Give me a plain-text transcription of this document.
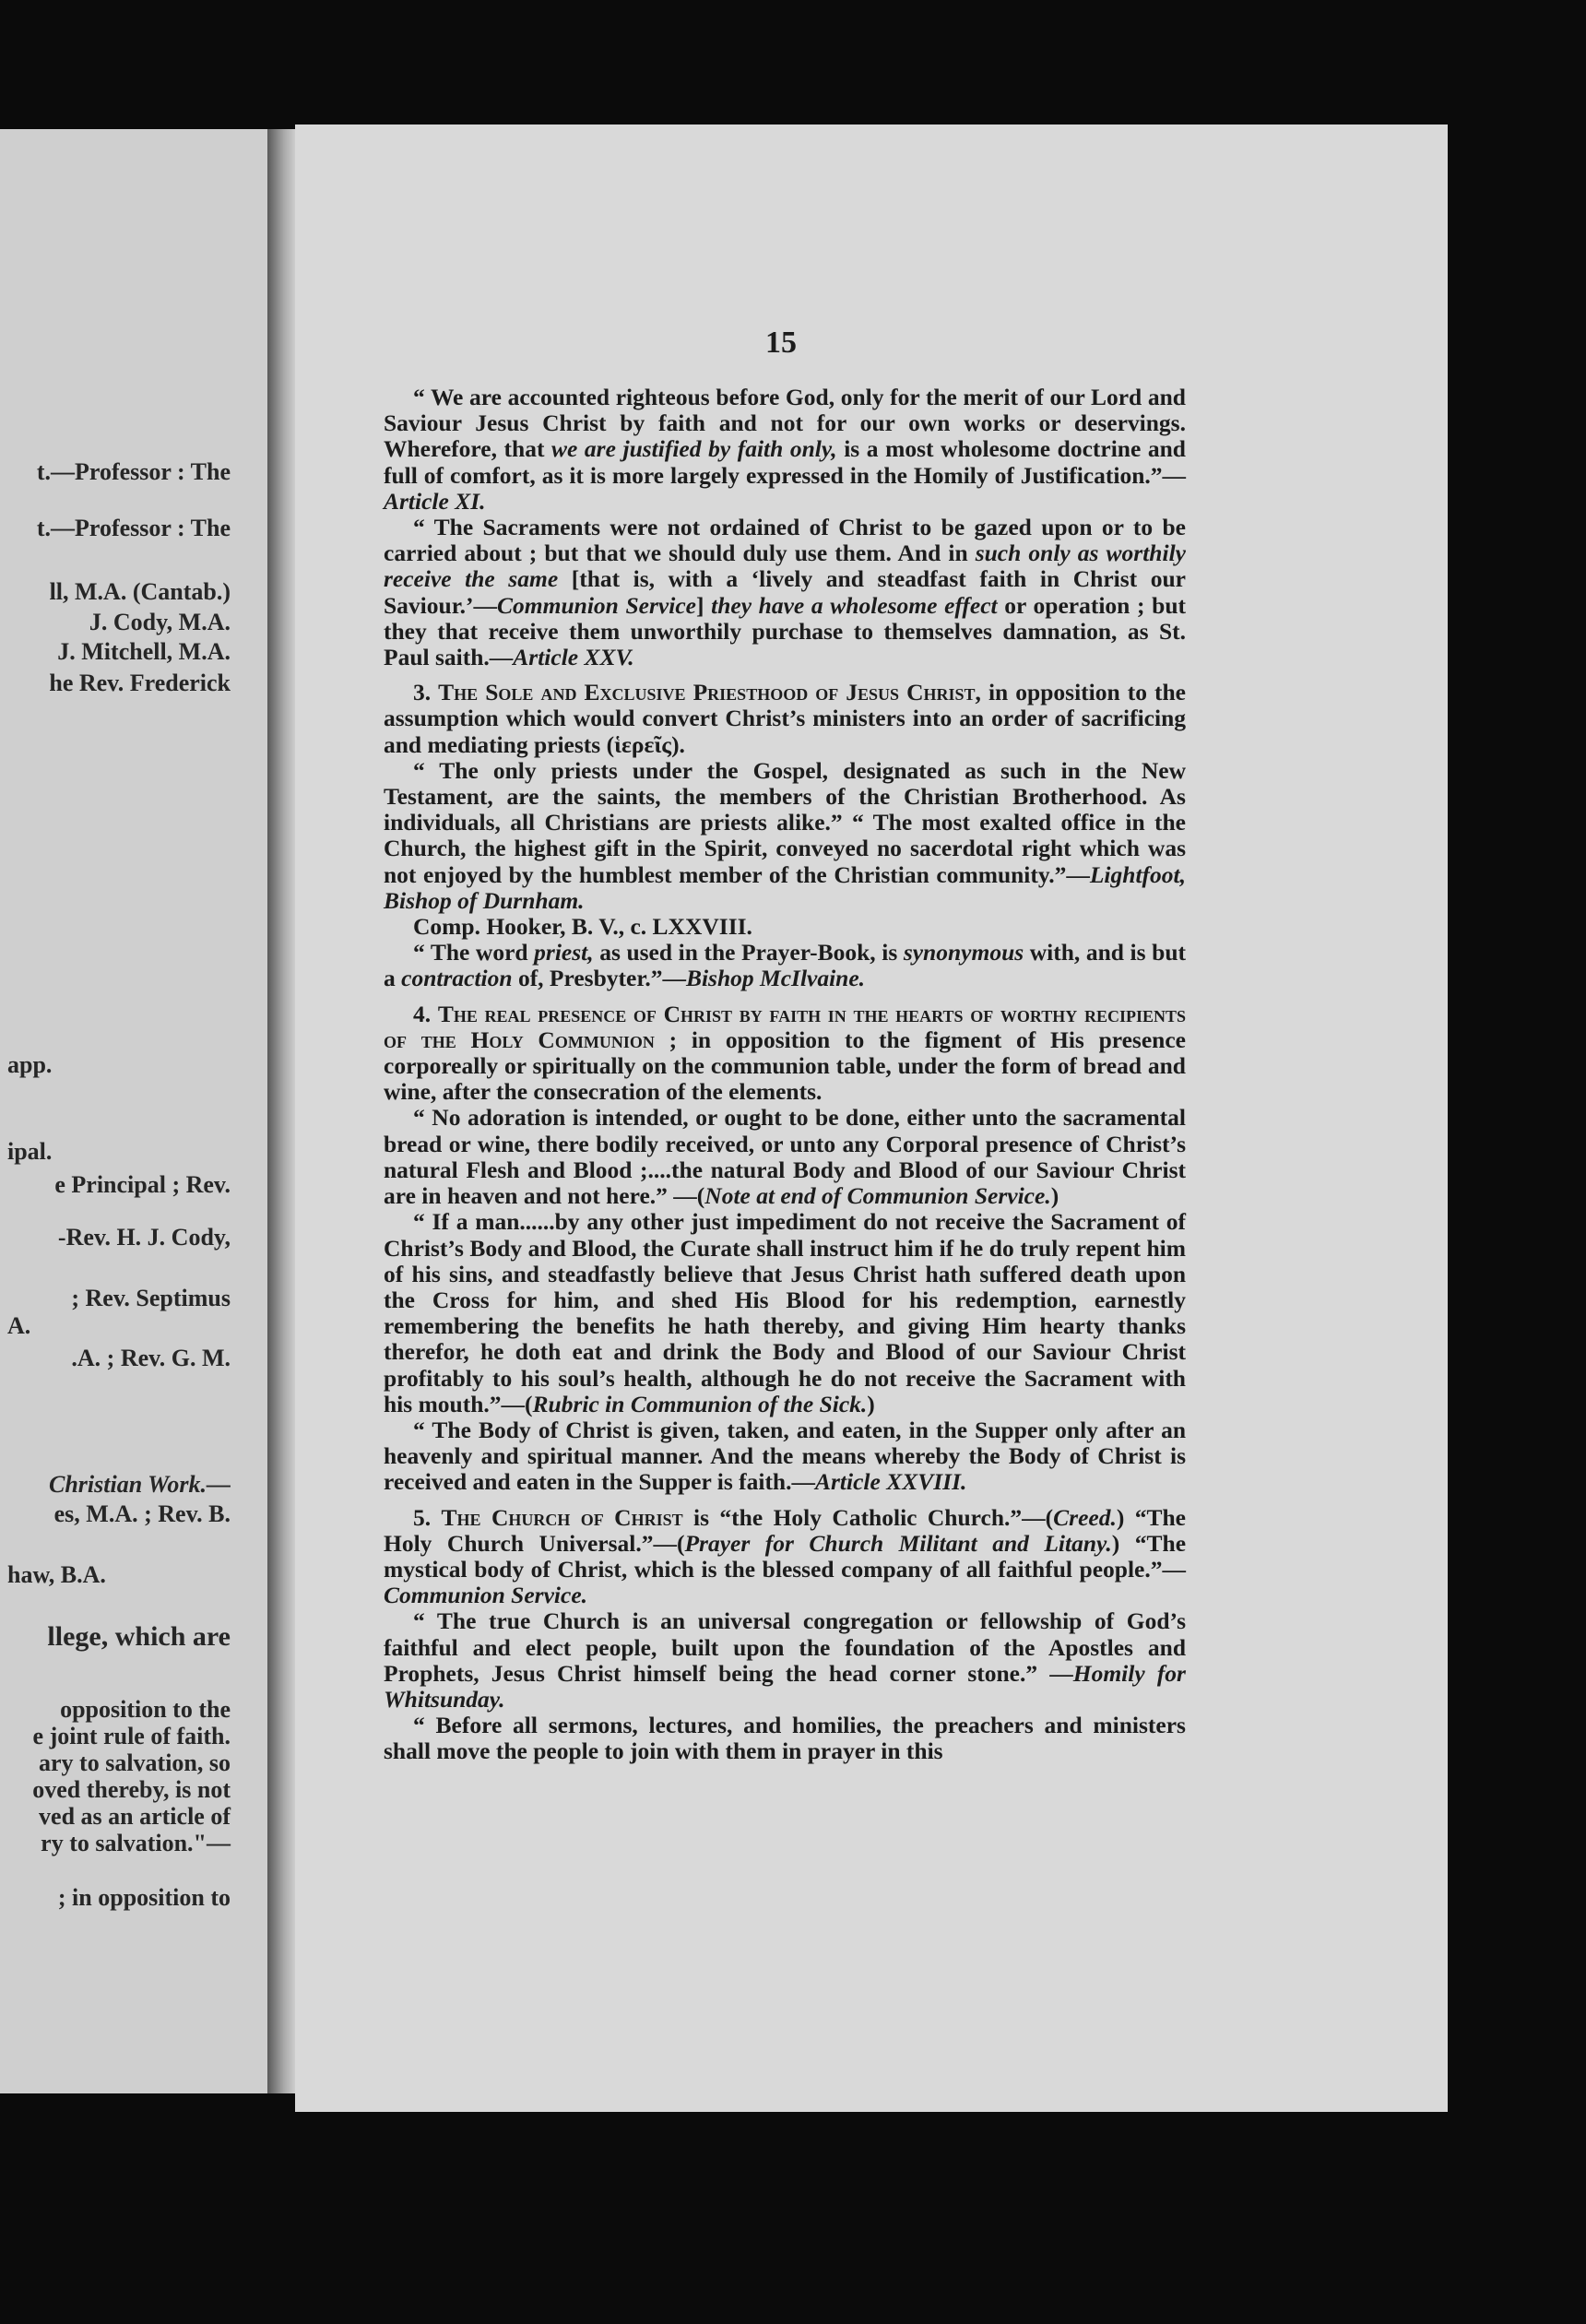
t.—Professor : The
t.—Professor : The
ll, M.A. (Cantab.)
J. Cody, M.A.
J. Mitchell, M.A.
he Rev. Frederick
app.
ipal.
e Principal ; Rev.
-Rev. H. J. Cody,
; Rev. Septimus
A.
.A. ; Rev. G. M.
Christian Work.—
es, M.A. ; Rev. B.
haw, B.A.
llege, which are
opposition to the
e joint rule of faith.
ary to salvation, so
oved thereby, is not
ved as an article of
ry to salvation."—
; in opposition to
15

“ We are accounted righteous before God, only for the merit of our Lord and Saviour Jesus Christ by faith and not for our own works or deservings. Wherefore, that we are justified by faith only, is a most wholesome doctrine and full of comfort, as it is more largely expressed in the Homily of Justification.”—Article XI.

“ The Sacraments were not ordained of Christ to be gazed upon or to be carried about ; but that we should duly use them. And in such only as worthily receive the same [that is, with a ‘lively and steadfast faith in Christ our Saviour.’—Communion Service] they have a wholesome effect or operation ; but they that receive them unworthily purchase to themselves damnation, as St. Paul saith.—Article XXV.

3. The Sole and Exclusive Priesthood of Jesus Christ, in opposition to the assumption which would convert Christ’s ministers into an order of sacrificing and mediating priests (ἱερεῖς).

“ The only priests under the Gospel, designated as such in the New Testament, are the saints, the members of the Christian Brotherhood. As individuals, all Christians are priests alike.” “ The most exalted office in the Church, the highest gift in the Spirit, conveyed no sacerdotal right which was not enjoyed by the humblest member of the Christian community.”—Lightfoot, Bishop of Durnham.

Comp. Hooker, B. V., c. LXXVIII.

“ The word priest, as used in the Prayer-Book, is synonymous with, and is but a contraction of, Presbyter.”—Bishop McIlvaine.

4. The real presence of Christ by faith in the hearts of worthy recipients of the Holy Communion ; in opposition to the figment of His presence corporeally or spiritually on the communion table, under the form of bread and wine, after the consecration of the elements.

“ No adoration is intended, or ought to be done, either unto the sacramental bread or wine, there bodily received, or unto any Corporal presence of Christ’s natural Flesh and Blood ;....the natural Body and Blood of our Saviour Christ are in heaven and not here.” —(Note at end of Communion Service.)

“ If a man......by any other just impediment do not receive the Sacrament of Christ’s Body and Blood, the Curate shall instruct him if he do truly repent him of his sins, and steadfastly believe that Jesus Christ hath suffered death upon the Cross for him, and shed His Blood for his redemption, earnestly remembering the benefits he hath thereby, and giving Him hearty thanks therefor, he doth eat and drink the Body and Blood of our Saviour Christ profitably to his soul’s health, although he do not receive the Sacrament with his mouth.”—(Rubric in Communion of the Sick.)

“ The Body of Christ is given, taken, and eaten, in the Supper only after an heavenly and spiritual manner. And the means whereby the Body of Christ is received and eaten in the Supper is faith.—Article XXVIII.

5. The Church of Christ is “the Holy Catholic Church.”—(Creed.) “The Holy Church Universal.”—(Prayer for Church Militant and Litany.) “The mystical body of Christ, which is the blessed company of all faithful people.”—Communion Service.

“ The true Church is an universal congregation or fellowship of God’s faithful and elect people, built upon the foundation of the Apostles and Prophets, Jesus Christ himself being the head corner stone.” —Homily for Whitsunday.

“ Before all sermons, lectures, and homilies, the preachers and ministers shall move the people to join with them in prayer in this
